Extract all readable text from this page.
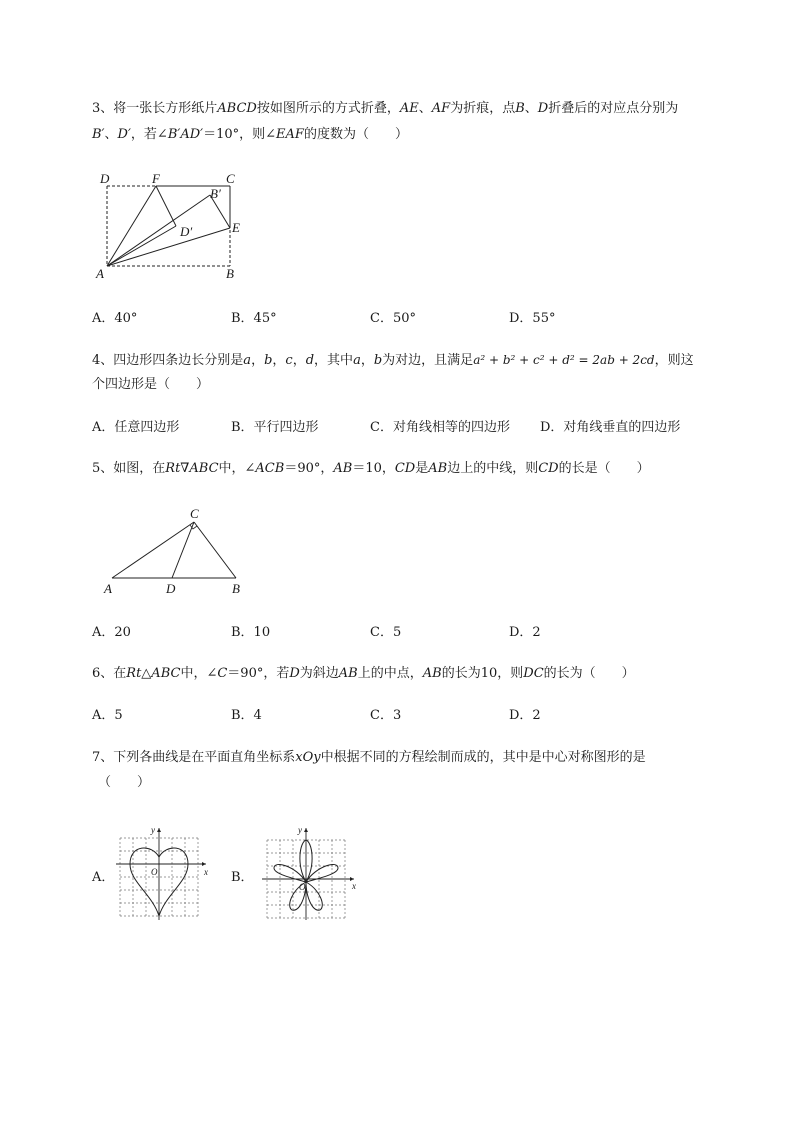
3、将一张长方形纸片ABCD按如图所示的方式折叠，AE、AF为折痕，点B、D折叠后的对应点分别为
B′、D′，若∠B′AD′＝10°，则∠EAF的度数为（　　）
D	F	C
B′
D′	E
A	B
A．40°	B．45°	C．50°	D．55°
4、四边形四条边长分别是a，b，c，d，其中a，b为对边，且满足a² + b² + c² + d² = 2ab + 2cd，则这
个四边形是（　　）
A．任意四边形	B．平行四边形	C．对角线相等的四边形 D．对角线垂直的四边形
5、如图，在Rt∇ABC中，∠ACB＝90°，AB＝10，CD是AB边上的中线，则CD的长是（　　）
C
A	D	B
A．20	B．10	C．5	D．2
6、在Rt△ABC中，∠C＝90°，若D为斜边AB上的中点，AB的长为10，则DC的长为（　　）
A．5	B．4	C．3	D．2
7、下列各曲线是在平面直角坐标系xOy中根据不同的方程绘制而成的，其中是中心对称图形的是
（　　）
A．
y
x
O	B．
y
x
O
